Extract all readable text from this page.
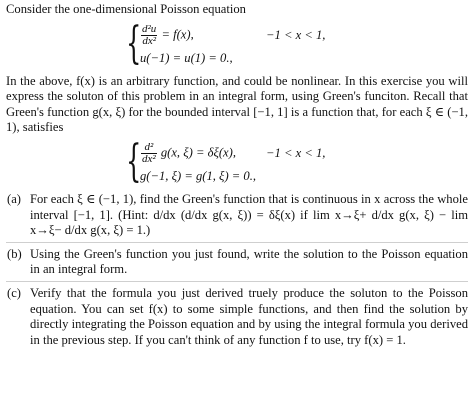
Consider the one-dimensional Poisson equation

{ $\frac{\text{d²u}}{\text{dx²}} = f(x)$,	−1 < x < 1,
u(−1) = u(1) = 0.,

In the above, f(x) is an arbitrary function, and could be nonlinear. In this exercise you will express the soluton of this problem in an integral form, using Green's funciton. Recall that Green's function g(x, ξ) for the bounded interval [−1, 1] is a function that, for each ξ ∈ (−1, 1), satisfies

{ $\frac{\text{d²}}{\text{dx²}} g(x$, ξ) = δξ(x), −1 < x < 1,
g(−1, ξ) = g(1, ξ) = 0.,
(a) For each ξ ∈ (−1, 1), find the Green's function that is continuous in x across the whole interval [−1, 1]. (Hint: d/dx (d/dx g(x, ξ)) = δξ(x) if lim x→ξ+ d/dx g(x, ξ) − lim x→ξ− d/dx g(x, ξ) = 1.)
(b) Using the Green's function you just found, write the solution to the Poisson equation in an integral form.
(c) Verify that the formula you just derived truely produce the soluton to the Poisson equation. You can set f(x) to some simple functions, and then find the solution by directly integrating the Poisson equation and by using the integral formula you derived in the previous step. If you can't think of any function f to use, try f(x) = 1.
